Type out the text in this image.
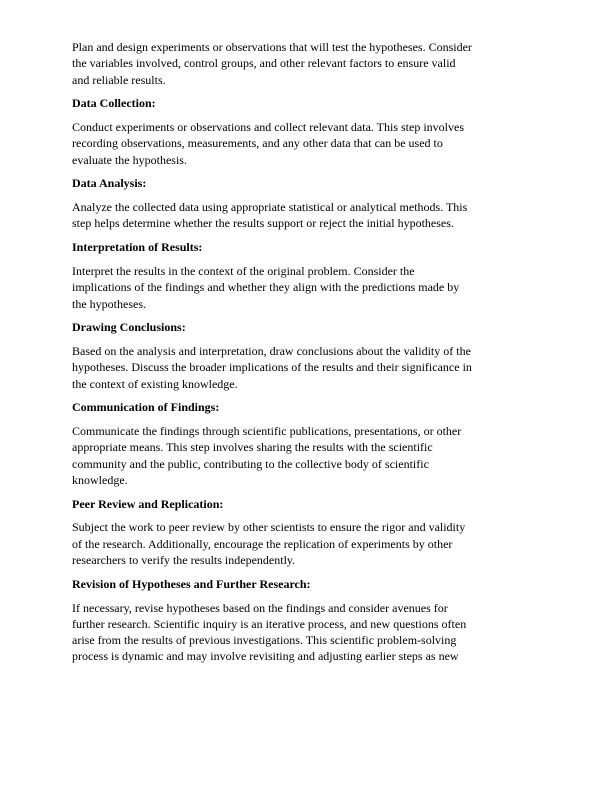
Plan and design experiments or observations that will test the hypotheses. Consider
the variables involved, control groups, and other relevant factors to ensure valid
and reliable results.
Data Collection:
Conduct experiments or observations and collect relevant data. This step involves
recording observations, measurements, and any other data that can be used to
evaluate the hypothesis.
Data Analysis:
Analyze the collected data using appropriate statistical or analytical methods. This
step helps determine whether the results support or reject the initial hypotheses.
Interpretation of Results:
Interpret the results in the context of the original problem. Consider the
implications of the findings and whether they align with the predictions made by
the hypotheses.
Drawing Conclusions:
Based on the analysis and interpretation, draw conclusions about the validity of the
hypotheses. Discuss the broader implications of the results and their significance in
the context of existing knowledge.
Communication of Findings:
Communicate the findings through scientific publications, presentations, or other
appropriate means. This step involves sharing the results with the scientific
community and the public, contributing to the collective body of scientific
knowledge.
Peer Review and Replication:
Subject the work to peer review by other scientists to ensure the rigor and validity
of the research. Additionally, encourage the replication of experiments by other
researchers to verify the results independently.
Revision of Hypotheses and Further Research:
If necessary, revise hypotheses based on the findings and consider avenues for
further research. Scientific inquiry is an iterative process, and new questions often
arise from the results of previous investigations. This scientific problem-solving
process is dynamic and may involve revisiting and adjusting earlier steps as new
